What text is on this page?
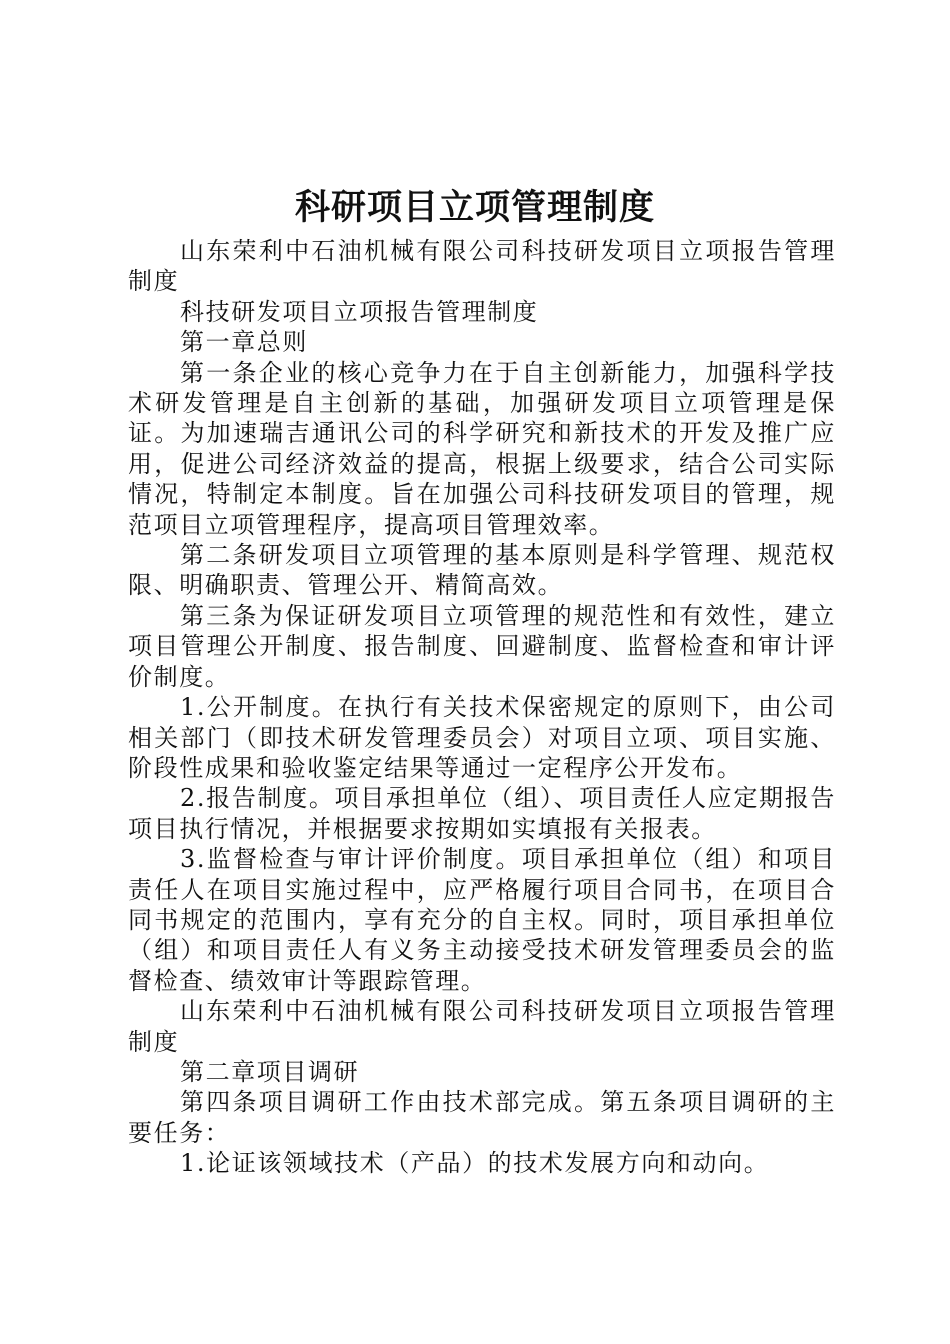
科研项目立项管理制度

山东荣利中石油机械有限公司科技研发项目立项报告管理制度

科技研发项目立项报告管理制度

第一章总则

第一条企业的核心竞争力在于自主创新能力，加强科学技术研发管理是自主创新的基础，加强研发项目立项管理是保证。为加速瑞吉通讯公司的科学研究和新技术的开发及推广应用，促进公司经济效益的提高，根据上级要求，结合公司实际情况，特制定本制度。旨在加强公司科技研发项目的管理，规范项目立项管理程序，提高项目管理效率。

第二条研发项目立项管理的基本原则是科学管理、规范权限、明确职责、管理公开、精简高效。

第三条为保证研发项目立项管理的规范性和有效性，建立项目管理公开制度、报告制度、回避制度、监督检查和审计评价制度。

1.公开制度。在执行有关技术保密规定的原则下，由公司相关部门（即技术研发管理委员会）对项目立项、项目实施、阶段性成果和验收鉴定结果等通过一定程序公开发布。

2.报告制度。项目承担单位（组）、项目责任人应定期报告项目执行情况，并根据要求按期如实填报有关报表。

3.监督检查与审计评价制度。项目承担单位（组）和项目责任人在项目实施过程中，应严格履行项目合同书，在项目合同书规定的范围内，享有充分的自主权。同时，项目承担单位（组）和项目责任人有义务主动接受技术研发管理委员会的监督检查、绩效审计等跟踪管理。

山东荣利中石油机械有限公司科技研发项目立项报告管理制度

第二章项目调研

第四条项目调研工作由技术部完成。第五条项目调研的主要任务：

1.论证该领域技术（产品）的技术发展方向和动向。
